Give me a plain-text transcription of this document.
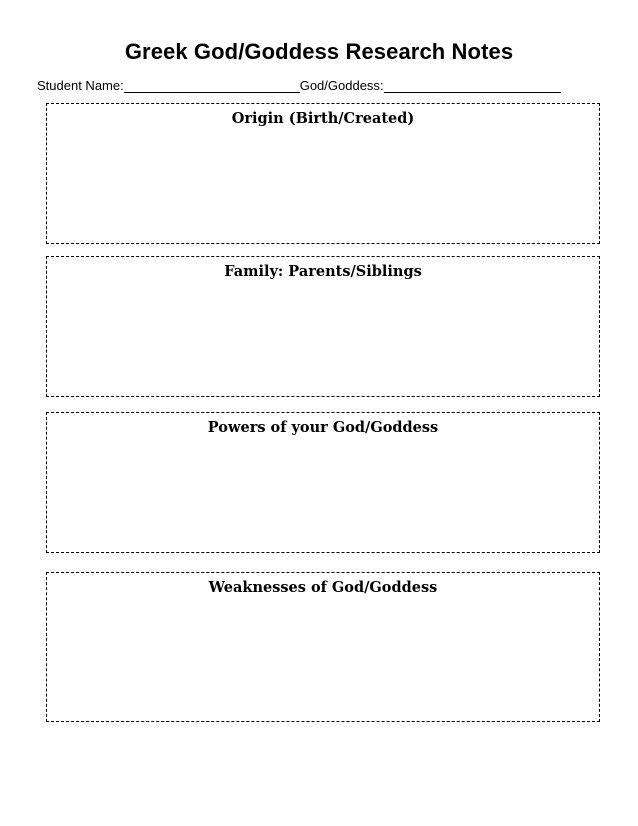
Greek God/Goddess Research Notes
Student Name:	God/Goddess:
Origin (Birth/Created)
Family: Parents/Siblings
Powers of your God/Goddess
Weaknesses of God/Goddess
